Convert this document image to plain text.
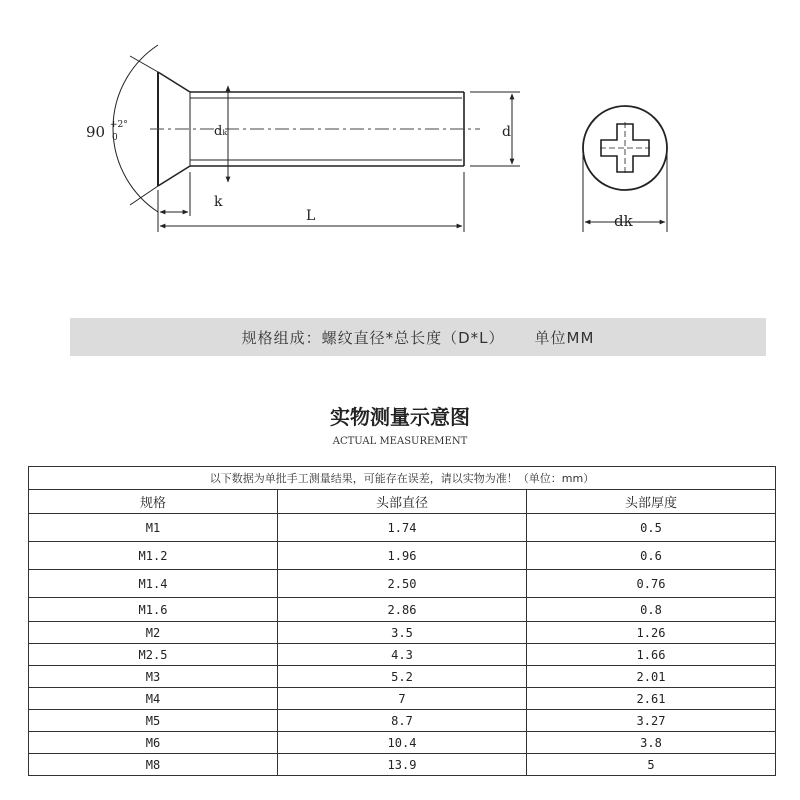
90 +2°
0	dₖ	d
k
L	dk
规格组成：螺纹直径*总长度（D*L） 单位MM
实物测量示意图
ACTUAL MEASUREMENT
以下数据为单批手工测量结果，可能存在误差，请以实物为准！（单位：mm）		
规格	头部直径	头部厚度
M1	1.74	0.5
M1.2	1.96	0.6
M1.4	2.50	0.76
M1.6	2.86	0.8
M2	3.5	1.26
M2.5	4.3	1.66
M3	5.2	2.01
M4	7	2.61
M5	8.7	3.27
M6	10.4	3.8
M8	13.9	5
